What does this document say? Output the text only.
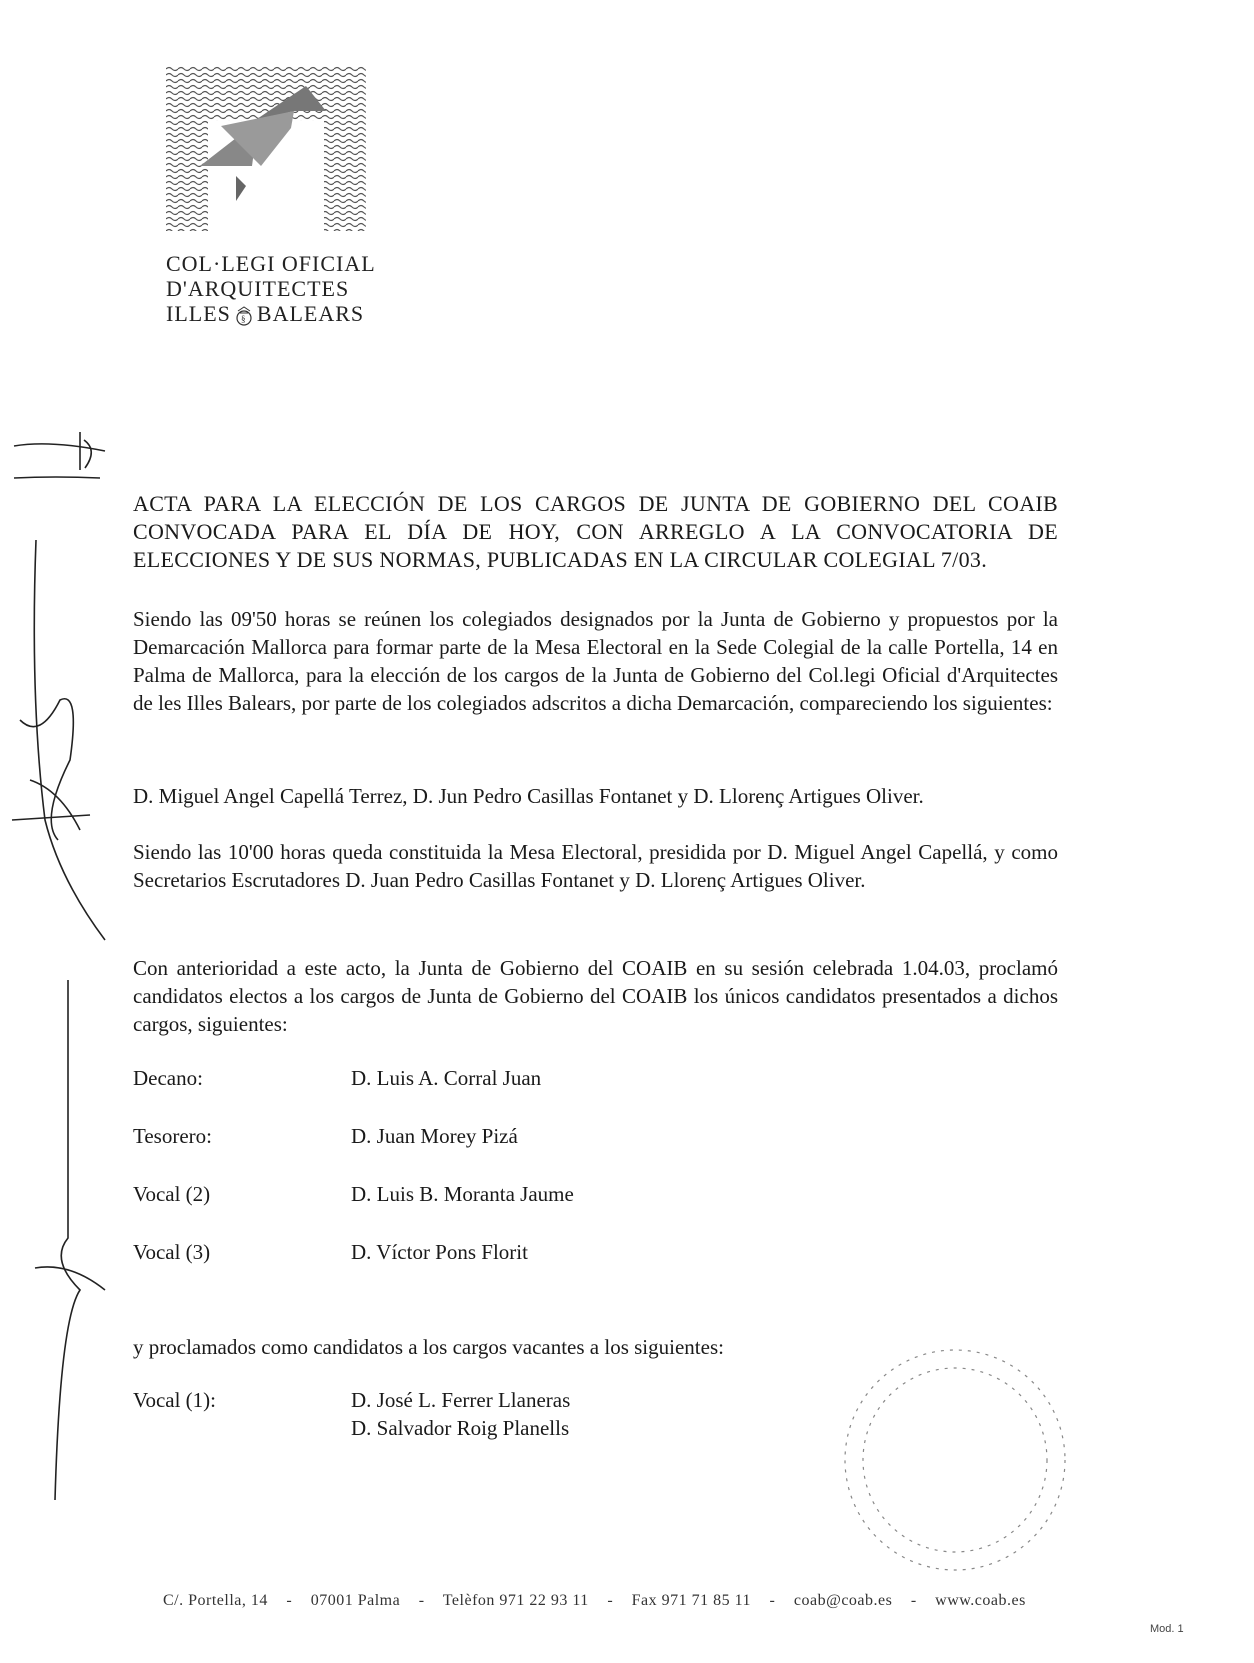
COL·LEGI OFICIAL
D'ARQUITECTES
ILLES § BALEARS
ACTA PARA LA ELECCIÓN DE LOS CARGOS DE JUNTA DE GOBIERNO DEL COAIB CONVOCADA PARA EL DÍA DE HOY, CON ARREGLO A LA CONVOCATORIA DE ELECCIONES Y DE SUS NORMAS, PUBLICADAS EN LA CIRCULAR COLEGIAL 7/03.
Siendo las 09'50 horas se reúnen los colegiados designados por la Junta de Gobierno y propuestos por la Demarcación Mallorca para formar parte de la Mesa Electoral en la Sede Colegial de la calle Portella, 14 en Palma de Mallorca, para la elección de los cargos de la Junta de Gobierno del Col.legi Oficial d'Arquitectes de les Illes Balears, por parte de los colegiados adscritos a dicha Demarcación, compareciendo los siguientes:
D. Miguel Angel Capellá Terrez, D. Jun Pedro Casillas Fontanet y D. Llorenç Artigues Oliver.
Siendo las 10'00 horas queda constituida la Mesa Electoral, presidida por D. Miguel Angel Capellá, y como Secretarios Escrutadores D. Juan Pedro Casillas Fontanet y D. Llorenç Artigues Oliver.
Con anterioridad a este acto, la Junta de Gobierno del COAIB en su sesión celebrada 1.04.03, proclamó candidatos electos a los cargos de Junta de Gobierno del COAIB los únicos candidatos presentados a dichos cargos, siguientes:
Decano:	D. Luis A. Corral Juan
Tesorero:	D. Juan Morey Pizá
Vocal (2)	D. Luis B. Moranta Jaume
Vocal (3)	D. Víctor Pons Florit
y proclamados como candidatos a los cargos vacantes a los siguientes:
Vocal (1):	D. José L. Ferrer Llaneras
D. Salvador Roig Planells
C/. Portella, 14 - 07001 Palma - Telèfon 971 22 93 11 - Fax 971 71 85 11 - coab@coab.es - www.coab.es
Mod. 1
